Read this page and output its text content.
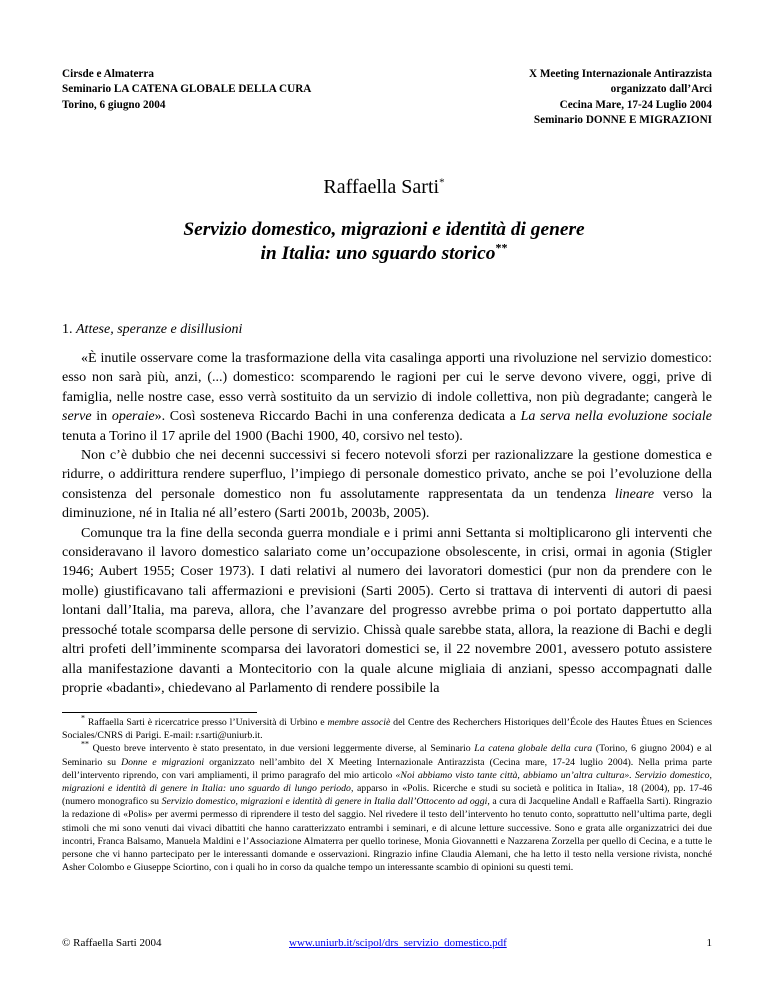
Cirsde e Almaterra
Seminario LA CATENA GLOBALE DELLA CURA
Torino, 6 giugno 2004
X Meeting Internazionale Antirazzista
organizzato dall’Arci
Cecina Mare, 17-24 Luglio 2004
Seminario DONNE E MIGRAZIONI
Raffaella Sarti*
Servizio domestico, migrazioni e identità di genere
in Italia: uno sguardo storico**
1. Attese, speranze e disillusioni

«È inutile osservare come la trasformazione della vita casalinga apporti una rivoluzione nel servizio domestico: esso non sarà più, anzi, (...) domestico: scomparendo le ragioni per cui le serve devono vivere, oggi, prive di famiglia, nelle nostre case, esso verrà sostituito da un servizio di indole collettiva, non più degradante; cangerà le serve in operaie». Così sosteneva Riccardo Bachi in una conferenza dedicata a La serva nella evoluzione sociale tenuta a Torino il 17 aprile del 1900 (Bachi 1900, 40, corsivo nel testo).

Non c’è dubbio che nei decenni successivi si fecero notevoli sforzi per razionalizzare la gestione domestica e ridurre, o addirittura rendere superfluo, l’impiego di personale domestico privato, anche se poi l’evoluzione della consistenza del personale domestico non fu assolutamente rappresentata da un tendenza lineare verso la diminuzione, né in Italia né all’estero (Sarti 2001b, 2003b, 2005).

Comunque tra la fine della seconda guerra mondiale e i primi anni Settanta si moltiplicarono gli interventi che consideravano il lavoro domestico salariato come un’occupazione obsolescente, in crisi, ormai in agonia (Stigler 1946; Aubert 1955; Coser 1973). I dati relativi al numero dei lavoratori domestici (pur non da prendere con le molle) giustificavano tali affermazioni e previsioni (Sarti 2005). Certo si trattava di interventi di autori di paesi lontani dall’Italia, ma pareva, allora, che l’avanzare del progresso avrebbe prima o poi portato dappertutto alla pressoché totale scomparsa delle persone di servizio. Chissà quale sarebbe stata, allora, la reazione di Bachi e degli altri profeti dell’imminente scomparsa dei lavoratori domestici se, il 22 novembre 2001, avessero potuto assistere alla manifestazione davanti a Montecitorio con la quale alcune migliaia di anziani, spesso accompagnati dalle proprie «badanti», chiedevano al Parlamento di rendere possibile la

* Raffaella Sarti è ricercatrice presso l’Università di Urbino e membre associè del Centre des Recherchers Historiques dell’École des Hautes Ètues en Sciences Sociales/CNRS di Parigi. E-mail: r.sarti@uniurb.it.

** Questo breve intervento è stato presentato, in due versioni leggermente diverse, al Seminario La catena globale della cura (Torino, 6 giugno 2004) e al Seminario su Donne e migrazioni organizzato nell’ambito del X Meeting Internazionale Antirazzista (Cecina mare, 17-24 luglio 2004). Nella prima parte dell’intervento riprendo, con vari ampliamenti, il primo paragrafo del mio articolo «Noi abbiamo visto tante città, abbiamo un’altra cultura». Servizio domestico, migrazioni e identità di genere in Italia: uno sguardo di lungo periodo, apparso in «Polis. Ricerche e studi su società e politica in Italia», 18 (2004), pp. 17-46 (numero monografico su Servizio domestico, migrazioni e identità di genere in Italia dall’Ottocento ad oggi, a cura di Jacqueline Andall e Raffaella Sarti). Ringrazio la redazione di «Polis» per avermi permesso di riprendere il testo del saggio. Nel rivedere il testo dell’intervento ho tenuto conto, soprattutto nell’ultima parte, degli stimoli che mi sono venuti dai vivaci dibattiti che hanno caratterizzato entrambi i seminari, e di alcune letture successive. Sono e grata alle organizzatrici dei due incontri, Franca Balsamo, Manuela Maldini e l’Associazione Almaterra per quello torinese, Monia Giovannetti e Nazzarena Zorzella per quello di Cecina, e a tutte le persone che vi hanno partecipato per le interessanti domande e osservazioni. Ringrazio infine Claudia Alemani, che ha letto il testo nella versione rivista, nonché Asher Colombo e Giuseppe Sciortino, con i quali ho in corso da qualche tempo un interessante scambio di opinioni su questi temi.

© Raffaella Sarti 2004	www.uniurb.it/scipol/drs_servizio_domestico.pdf	1
